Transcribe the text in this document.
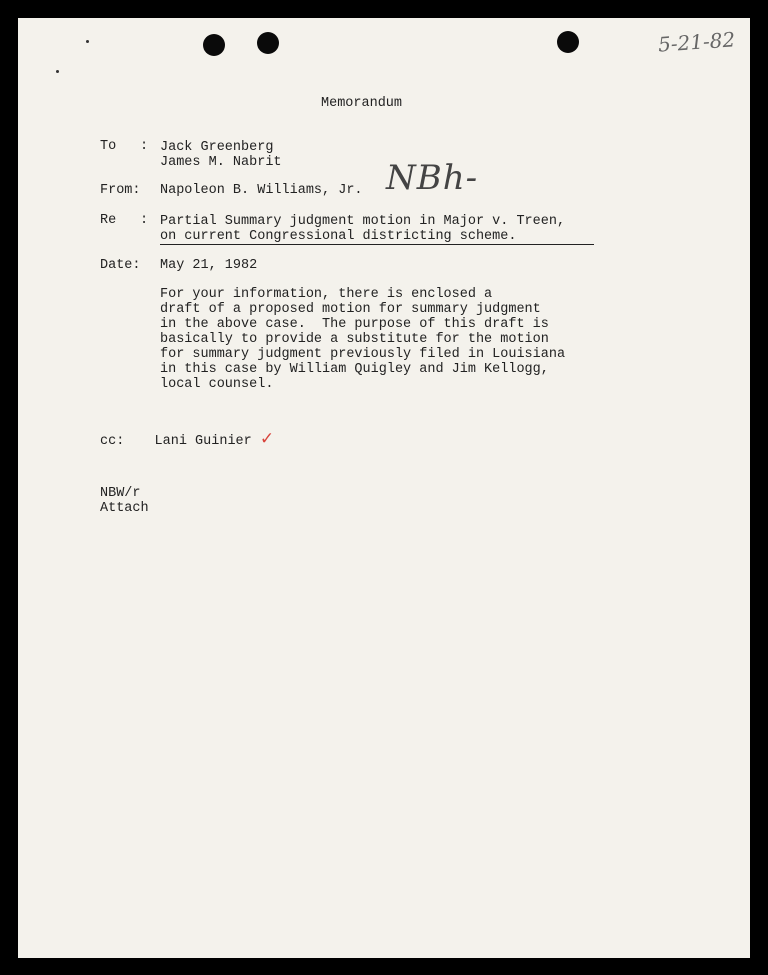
5-21-82
Memorandum
To : Jack Greenberg
James M. Nabrit
From: Napoleon B. Williams, Jr. NBh-
Re : Partial Summary judgment motion in Major v. Treen,
on current Congressional districting scheme.
Date: May 21, 1982
For your information, there is enclosed a
draft of a proposed motion for summary judgment
in the above case.  The purpose of this draft is
basically to provide a substitute for the motion
for summary judgment previously filed in Louisiana
in this case by William Quigley and Jim Kellogg,
local counsel.
cc: Lani Guinier ✓
NBW/r
Attach
